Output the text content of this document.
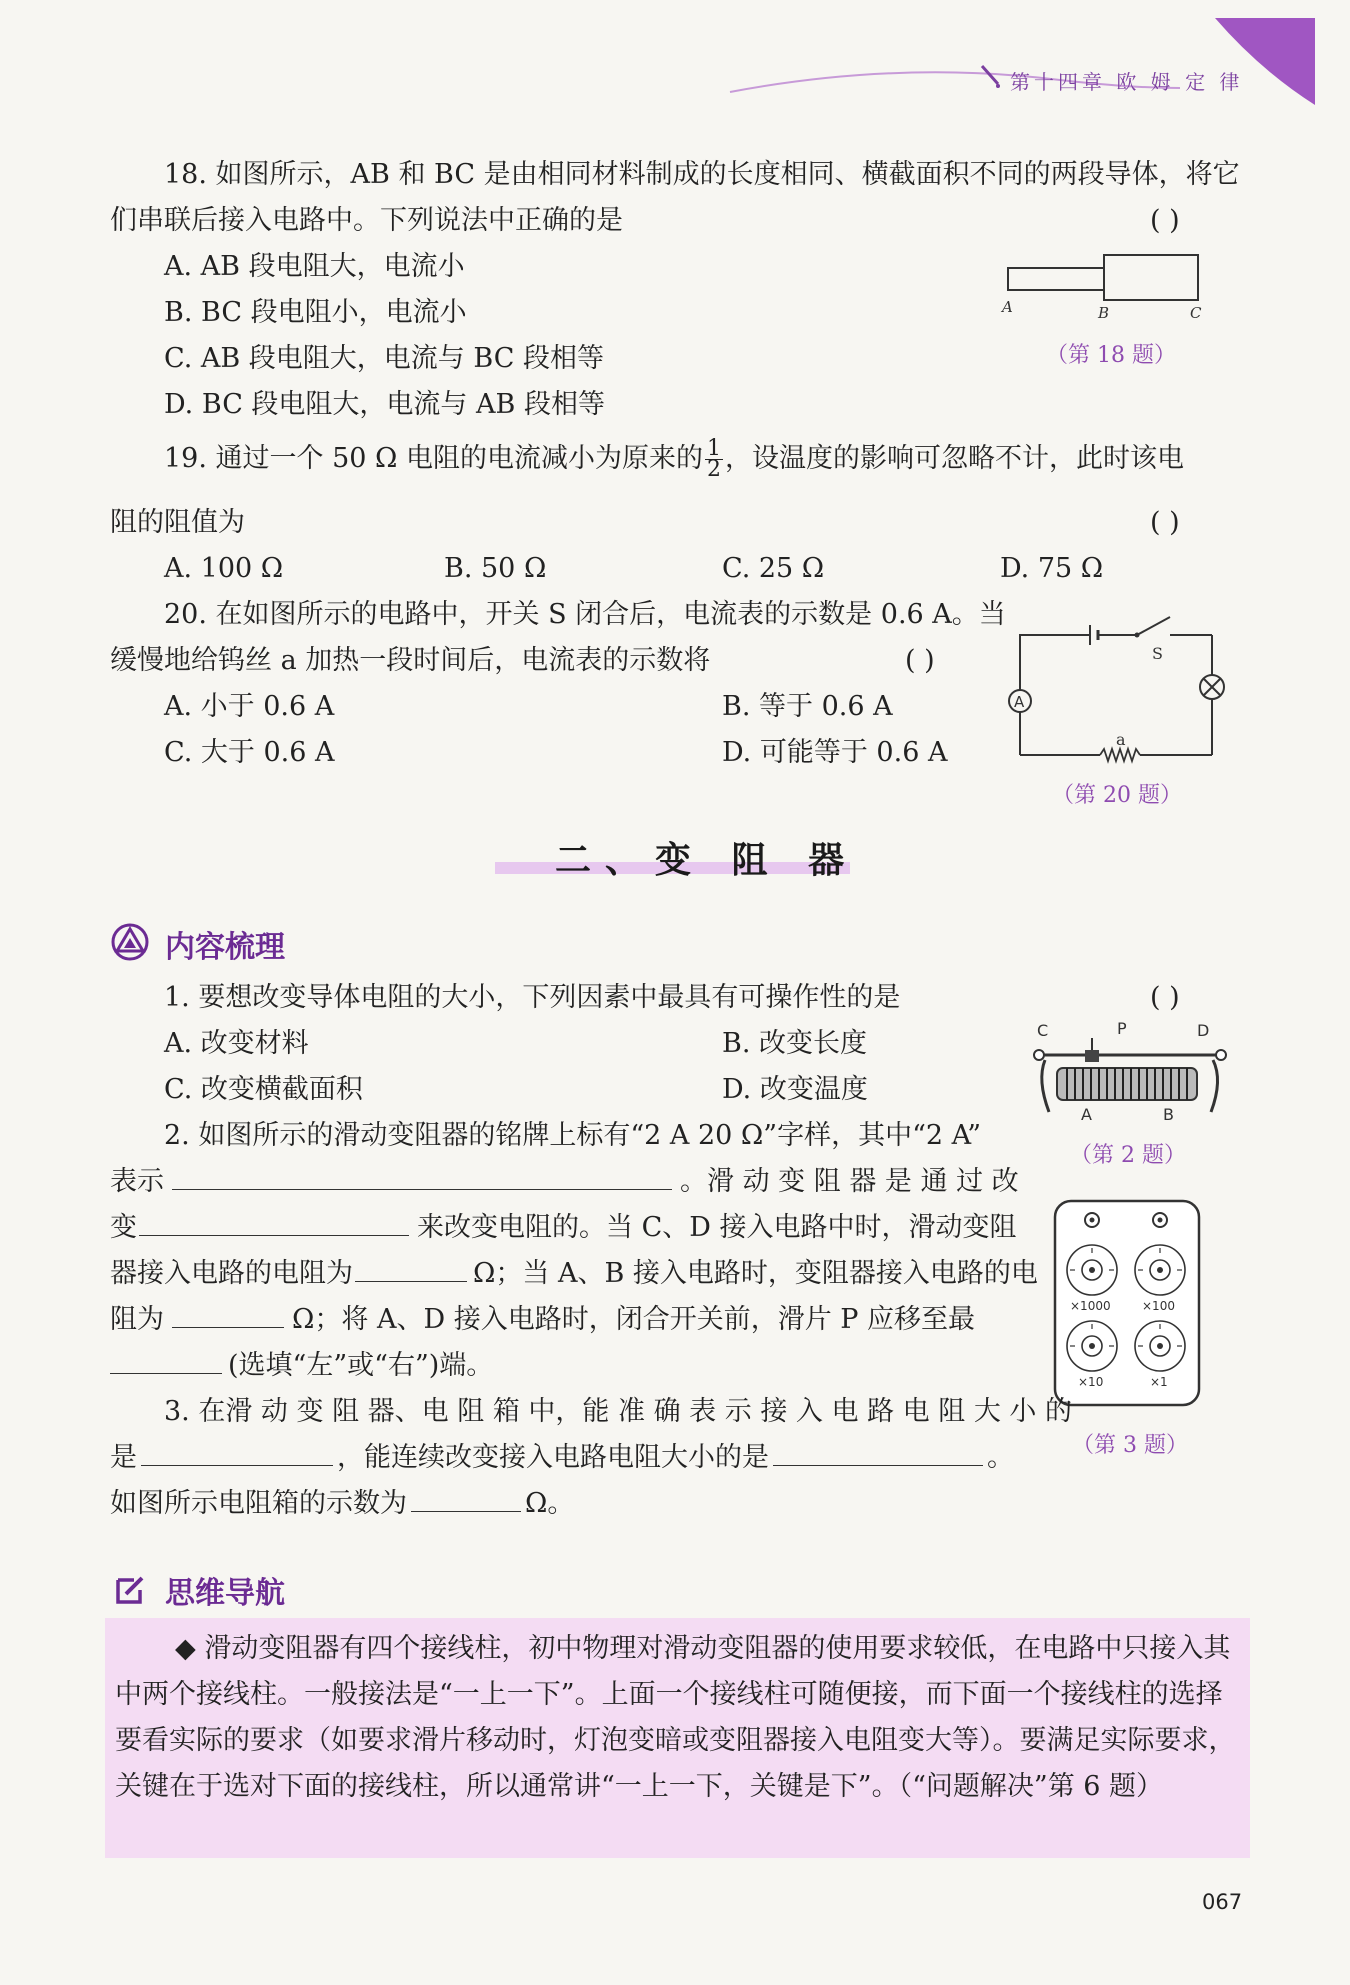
第十四章 欧 姆 定 律
18. 如图所示，AB 和 BC 是由相同材料制成的长度相同、横截面积不同的两段导体，将它
们串联后接入电路中。下列说法中正确的是	( )
A. AB 段电阻大，电流小
B. BC 段电阻小，电流小
C. AB 段电阻大，电流与 BC 段相等
D. BC 段电阻大，电流与 AB 段相等
A	B	C
（第 18 题）
19. 通过一个 50 Ω 电阻的电流减小为原来的 $\frac{1}{2}$ ，设温度的影响可忽略不计，此时该电
阻的阻值为	( )
A. 100 Ω	B. 50 Ω	C. 25 Ω	D. 75 Ω
20. 在如图所示的电路中，开关 S 闭合后，电流表的示数是 0.6 A。当
缓慢地给钨丝 a 加热一段时间后，电流表的示数将	( )
A. 小于 0.6 A	B. 等于 0.6 A
C. 大于 0.6 A	D. 可能等于 0.6 A
A
S
a
（第 20 题）
二、变 阻 器
内容梳理
1. 要想改变导体电阻的大小，下列因素中最具有可操作性的是	( )
A. 改变材料	B. 改变长度
C. 改变横截面积	D. 改变温度
C	P	D
A	B
（第 2 题）
2. 如图所示的滑动变阻器的铭牌上标有“2 A 20 Ω”字样，其中“2 A”
表示	。滑 动 变 阻 器 是 通 过 改
变	来改变电阻的。当 C、D 接入电路中时，滑动变阻
器接入电路的电阻为	Ω；当 A、B 接入电路时，变阻器接入电路的电
阻为	Ω；将 A、D 接入电路时，闭合开关前，滑片 P 应移至最
(选填“左”或“右”)端。
×1000	×100
×10	×1
（第 3 题）
3. 在滑 动 变 阻 器、电 阻 箱 中，能 准 确 表 示 接 入 电 路 电 阻 大 小 的
是	，能连续改变接入电路电阻大小的是	。
如图所示电阻箱的示数为	Ω。
思维导航
◆ 滑动变阻器有四个接线柱，初中物理对滑动变阻器的使用要求较低，在电路中只接入其中两个接线柱。一般接法是“一上一下”。上面一个接线柱可随便接，而下面一个接线柱的选择要看实际的要求（如要求滑片移动时，灯泡变暗或变阻器接入电阻变大等）。要满足实际要求，关键在于选对下面的接线柱，所以通常讲“一上一下，关键是下”。（“问题解决”第 6 题）
067
